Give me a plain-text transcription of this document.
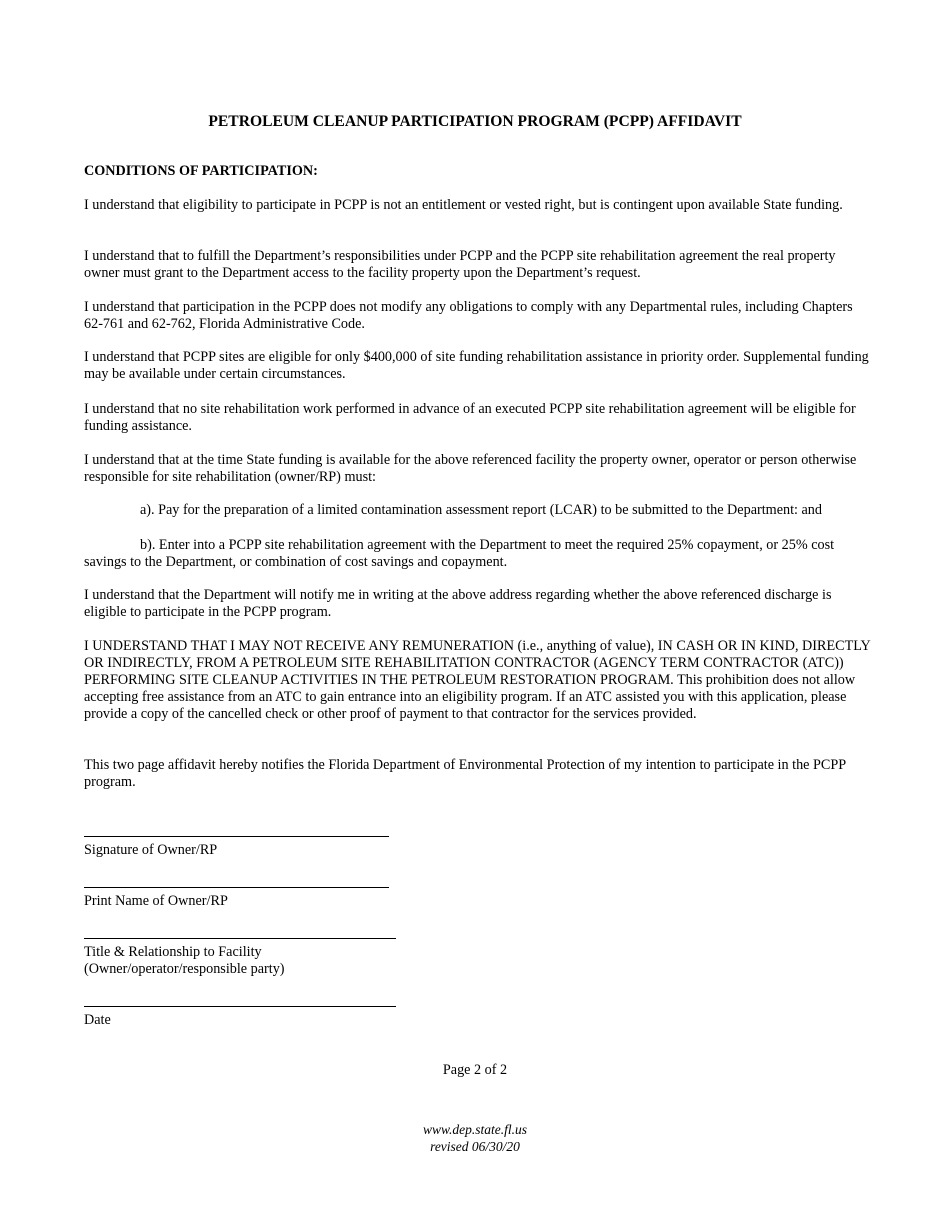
PETROLEUM CLEANUP PARTICIPATION PROGRAM (PCPP) AFFIDAVIT
CONDITIONS OF PARTICIPATION:

I understand that eligibility to participate in PCPP is not an entitlement or vested right, but is contingent upon available State funding.

I understand that to fulfill the Department’s responsibilities under PCPP and the PCPP site rehabilitation agreement the real property owner must grant to the Department access to the facility property upon the Department’s request.

I understand that participation in the PCPP does not modify any obligations to comply with any Departmental rules, including Chapters 62-761 and 62-762, Florida Administrative Code.

I understand that PCPP sites are eligible for only $400,000 of site funding rehabilitation assistance in priority order. Supplemental funding may be available under certain circumstances.

I understand that no site rehabilitation work performed in advance of an executed PCPP site rehabilitation agreement will be eligible for funding assistance.

I understand that at the time State funding is available for the above referenced facility the property owner, operator or person otherwise responsible for site rehabilitation (owner/RP) must:

a). Pay for the preparation of a limited contamination assessment report (LCAR) to be submitted to the Department: and
b). Enter into a PCPP site rehabilitation agreement with the Department to meet the required 25% copayment, or 25% cost savings to the Department, or combination of cost savings and copayment.

I understand that the Department will notify me in writing at the above address regarding whether the above referenced discharge is eligible to participate in the PCPP program.

I UNDERSTAND THAT I MAY NOT RECEIVE ANY REMUNERATION (i.e., anything of value), IN CASH OR IN KIND, DIRECTLY OR INDIRECTLY, FROM A PETROLEUM SITE REHABILITATION CONTRACTOR (AGENCY TERM CONTRACTOR (ATC)) PERFORMING SITE CLEANUP ACTIVITIES IN THE PETROLEUM RESTORATION PROGRAM. This prohibition does not allow accepting free assistance from an ATC to gain entrance into an eligibility program. If an ATC assisted you with this application, please provide a copy of the cancelled check or other proof of payment to that contractor for the services provided.

This two page affidavit hereby notifies the Florida Department of Environmental Protection of my intention to participate in the PCPP program.

Signature of Owner/RP
Print Name of Owner/RP
Title & Relationship to Facility
(Owner/operator/responsible party)
Date
Page 2 of 2
www.dep.state.fl.us
revised 06/30/20
